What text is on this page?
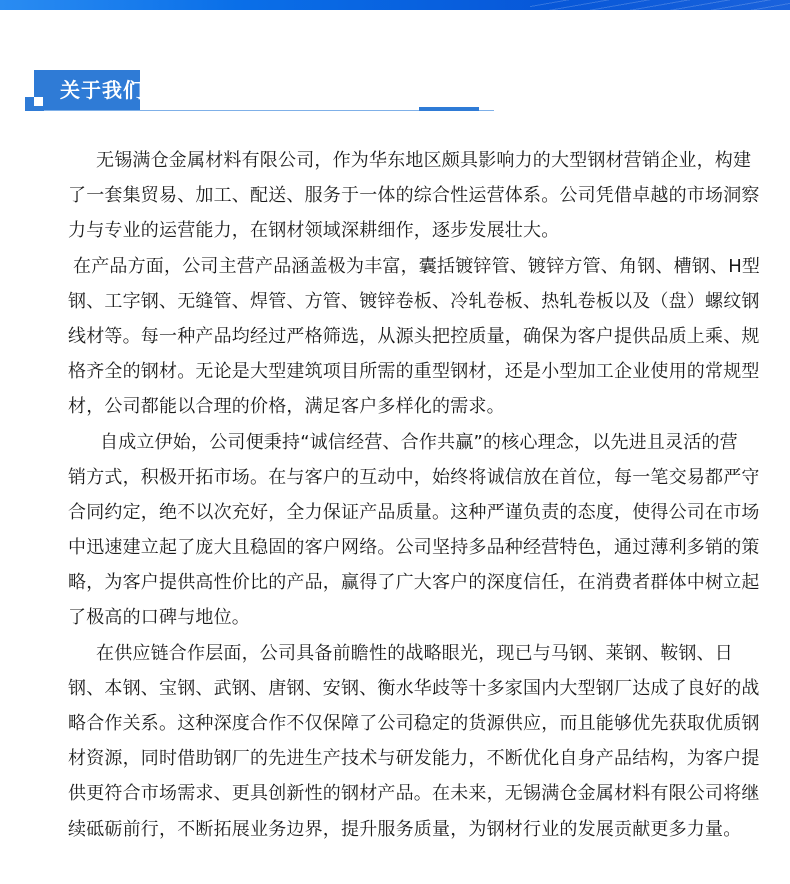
关于我们
无锡满仓金属材料有限公司，作为华东地区颇具影响力的大型钢材营销企业，构建
了一套集贸易、加工、配送、服务于一体的综合性运营体系。公司凭借卓越的市场洞察
力与专业的运营能力，在钢材领域深耕细作，逐步发展壮大。
在产品方面，公司主营产品涵盖极为丰富，囊括镀锌管、镀锌方管、角钢、槽钢、H型
钢、工字钢、无缝管、焊管、方管、镀锌卷板、冷轧卷板、热轧卷板以及（盘）螺纹钢
线材等。每一种产品均经过严格筛选，从源头把控质量，确保为客户提供品质上乘、规
格齐全的钢材。无论是大型建筑项目所需的重型钢材，还是小型加工企业使用的常规型
材，公司都能以合理的价格，满足客户多样化的需求。
自成立伊始，公司便秉持“诚信经营、合作共赢”的核心理念，以先进且灵活的营
销方式，积极开拓市场。在与客户的互动中，始终将诚信放在首位，每一笔交易都严守
合同约定，绝不以次充好，全力保证产品质量。这种严谨负责的态度，使得公司在市场
中迅速建立起了庞大且稳固的客户网络。公司坚持多品种经营特色，通过薄利多销的策
略，为客户提供高性价比的产品，赢得了广大客户的深度信任，在消费者群体中树立起
了极高的口碑与地位。
在供应链合作层面，公司具备前瞻性的战略眼光，现已与马钢、莱钢、鞍钢、日
钢、本钢、宝钢、武钢、唐钢、安钢、衡水华歧等十多家国内大型钢厂达成了良好的战
略合作关系。这种深度合作不仅保障了公司稳定的货源供应，而且能够优先获取优质钢
材资源，同时借助钢厂的先进生产技术与研发能力，不断优化自身产品结构，为客户提
供更符合市场需求、更具创新性的钢材产品。在未来，无锡满仓金属材料有限公司将继
续砥砺前行，不断拓展业务边界，提升服务质量，为钢材行业的发展贡献更多力量。
